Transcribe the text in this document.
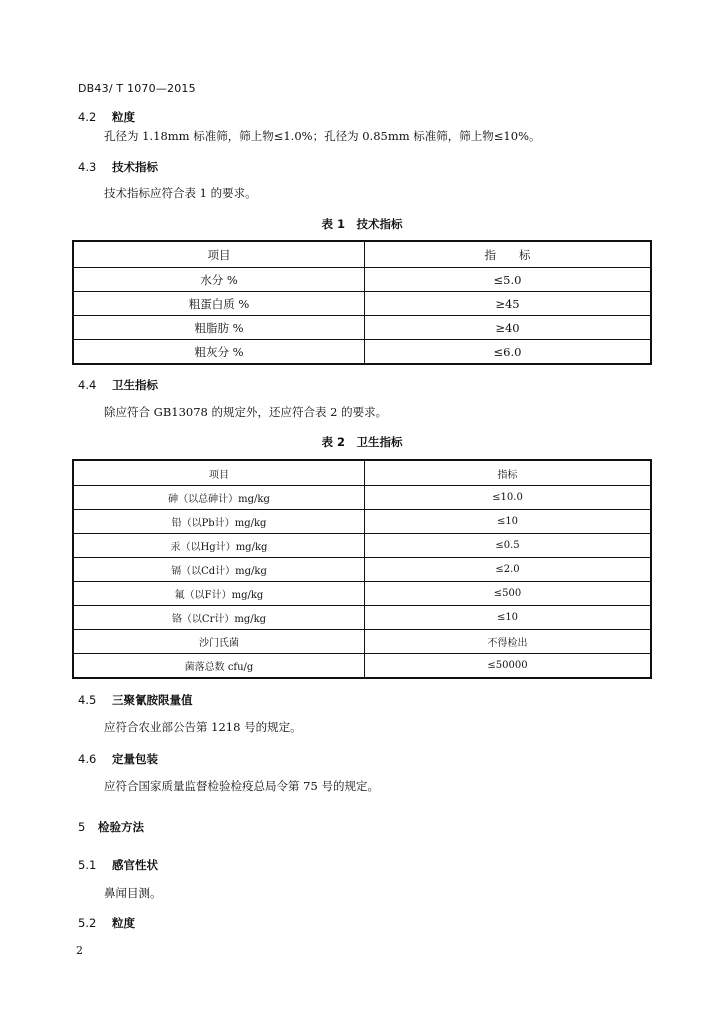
DB43/ T 1070—2015
4.2 粒度
孔径为 1.18mm 标准筛，筛上物≤1.0%；孔径为 0.85mm 标准筛，筛上物≤10%。
4.3 技术指标
技术指标应符合表 1 的要求。
表 1　技术指标
项目	指　　标
水分 %	≤5.0
粗蛋白质 %	≥45
粗脂肪 %	≥40
粗灰分 %	≤6.0
4.4 卫生指标
除应符合 GB13078 的规定外，还应符合表 2 的要求。
表 2　卫生指标
项目	指标
砷（以总砷计）mg/kg	≤10.0
铅（以Pb计）mg/kg	≤10
汞（以Hg计）mg/kg	≤0.5
镉（以Cd计）mg/kg	≤2.0
氟（以F计）mg/kg	≤500
铬（以Cr计）mg/kg	≤10
沙门氏菌	不得检出
菌落总数 cfu/g	≤50000
4.5 三聚氰胺限量值
应符合农业部公告第 1218 号的规定。
4.6 定量包装
应符合国家质量监督检验检疫总局令第 75 号的规定。
5 检验方法
5.1 感官性状
鼻闻目测。
5.2 粒度
2
